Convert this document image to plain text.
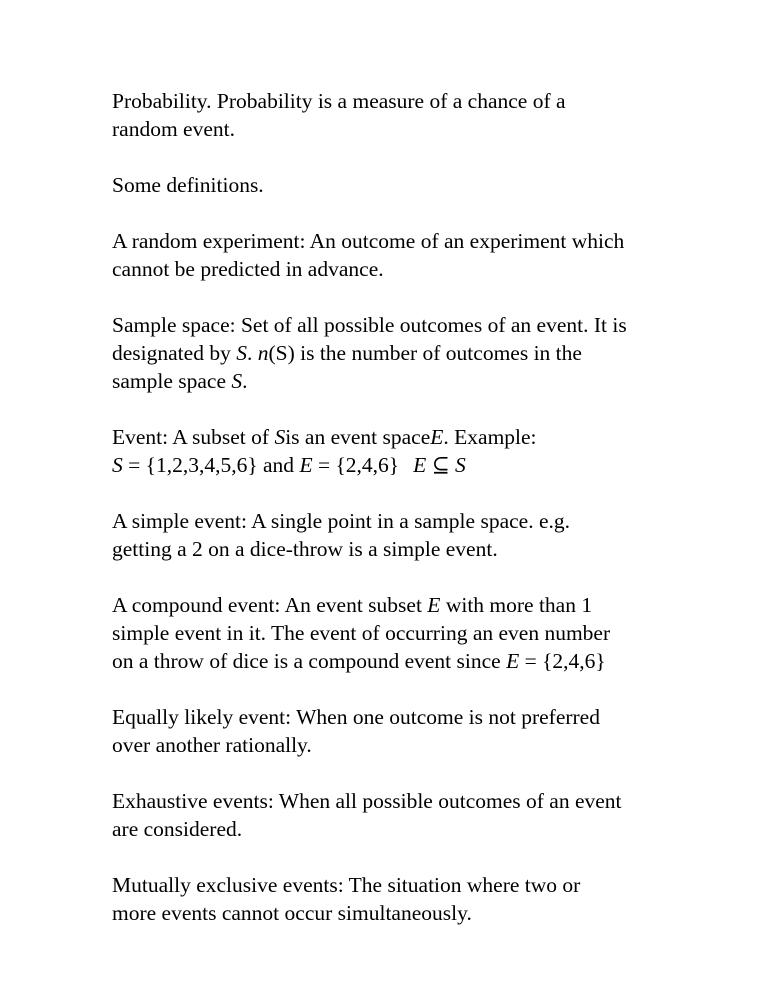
Probability. Probability is a measure of a chance of a
random event.

Some definitions.

A random experiment: An outcome of an experiment which
cannot be predicted in advance.

Sample space: Set of all possible outcomes of an event. It is
designated by S. n(S) is the number of outcomes in the
sample space S.

Event: A subset of Sis an event spaceE. Example:
S = {1,2,3,4,5,6} and E = {2,4,6} E ⊆ S

A simple event: A single point in a sample space. e.g.
getting a 2 on a dice-throw is a simple event.

A compound event: An event subset E with more than 1
simple event in it. The event of occurring an even number
on a throw of dice is a compound event since E = {2,4,6}

Equally likely event: When one outcome is not preferred
over another rationally.

Exhaustive events: When all possible outcomes of an event
are considered.

Mutually exclusive events: The situation where two or
more events cannot occur simultaneously.
